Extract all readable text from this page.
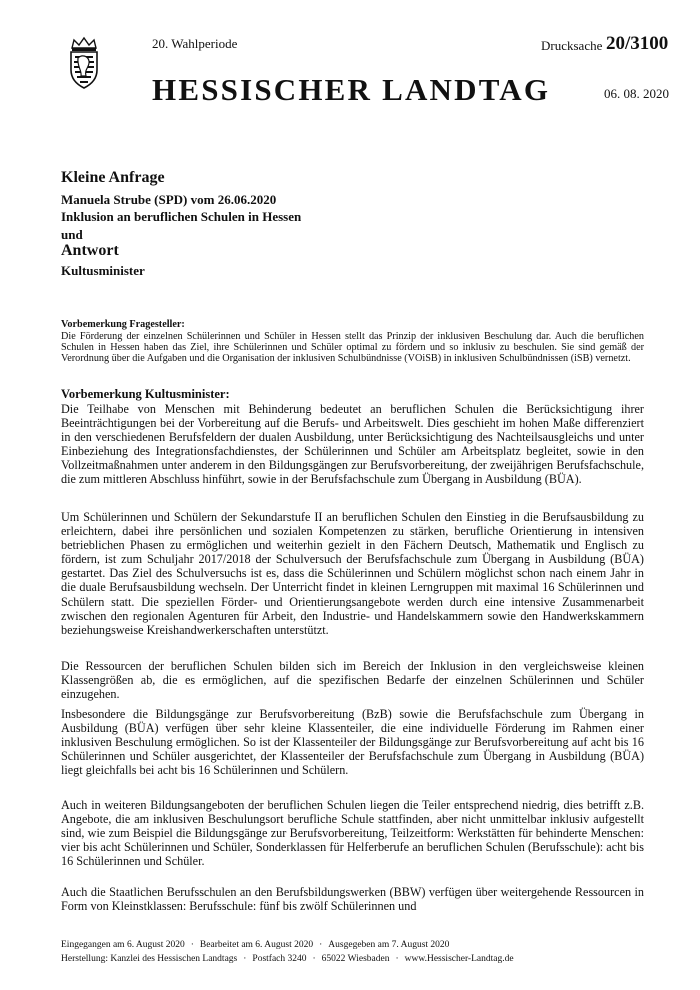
20. Wahlperiode	Drucksache 20/3100
HESSISCHER LANDTAG	06. 08. 2020
Kleine Anfrage
Manuela Strube (SPD) vom 26.06.2020
Inklusion an beruflichen Schulen in Hessen
und
Antwort
Kultusminister
Vorbemerkung Fragesteller:

Die Förderung der einzelnen Schülerinnen und Schüler in Hessen stellt das Prinzip der inklusiven Beschulung dar. Auch die beruflichen Schulen in Hessen haben das Ziel, ihre Schülerinnen und Schüler optimal zu fördern und so inklusiv zu beschulen. Sie sind gemäß der Verordnung über die Aufgaben und die Organisation der inklusiven Schulbündnisse (VOiSB) in inklusiven Schulbündnissen (iSB) vernetzt.

Vorbemerkung Kultusminister:

Die Teilhabe von Menschen mit Behinderung bedeutet an beruflichen Schulen die Berücksichtigung ihrer Beeinträchtigungen bei der Vorbereitung auf die Berufs- und Arbeitswelt. Dies geschieht im hohen Maße differenziert in den verschiedenen Berufsfeldern der dualen Ausbildung, unter Berücksichtigung des Nachteilsausgleichs und unter Einbeziehung des Integrationsfachdienstes, der Schülerinnen und Schüler am Arbeitsplatz begleitet, sowie in den Vollzeitmaßnahmen unter anderem in den Bildungsgängen zur Berufsvorbereitung, der zweijährigen Berufsfachschule, die zum mittleren Abschluss hinführt, sowie in der Berufsfachschule zum Übergang in Ausbildung (BÜA).

Um Schülerinnen und Schülern der Sekundarstufe II an beruflichen Schulen den Einstieg in die Berufsausbildung zu erleichtern, dabei ihre persönlichen und sozialen Kompetenzen zu stärken, berufliche Orientierung in intensiven betrieblichen Phasen zu ermöglichen und weiterhin gezielt in den Fächern Deutsch, Mathematik und Englisch zu fördern, ist zum Schuljahr 2017/2018 der Schulversuch der Berufsfachschule zum Übergang in Ausbildung (BÜA) gestartet. Das Ziel des Schulversuchs ist es, dass die Schülerinnen und Schülern möglichst schon nach einem Jahr in die duale Berufsausbildung wechseln. Der Unterricht findet in kleinen Lerngruppen mit maximal 16 Schülerinnen und Schülern statt. Die speziellen Förder- und Orientierungsangebote werden durch eine intensive Zusammenarbeit zwischen den regionalen Agenturen für Arbeit, den Industrie- und Handelskammern sowie den Handwerkskammern beziehungsweise Kreishandwerkerschaften unterstützt.

Die Ressourcen der beruflichen Schulen bilden sich im Bereich der Inklusion in den vergleichsweise kleinen Klassengrößen ab, die es ermöglichen, auf die spezifischen Bedarfe der einzelnen Schülerinnen und Schüler einzugehen.

Insbesondere die Bildungsgänge zur Berufsvorbereitung (BzB) sowie die Berufsfachschule zum Übergang in Ausbildung (BÜA) verfügen über sehr kleine Klassenteiler, die eine individuelle Förderung im Rahmen einer inklusiven Beschulung ermöglichen. So ist der Klassenteiler der Bildungsgänge zur Berufsvorbereitung auf acht bis 16 Schülerinnen und Schüler ausgerichtet, der Klassenteiler der Berufsfachschule zum Übergang in Ausbildung (BÜA) liegt gleichfalls bei acht bis 16 Schülerinnen und Schülern.

Auch in weiteren Bildungsangeboten der beruflichen Schulen liegen die Teiler entsprechend niedrig, dies betrifft z.B. Angebote, die am inklusiven Beschulungsort berufliche Schule stattfinden, aber nicht unmittelbar inklusiv aufgestellt sind, wie zum Beispiel die Bildungsgänge zur Berufsvorbereitung, Teilzeitform: Werkstätten für behinderte Menschen: vier bis acht Schülerinnen und Schüler, Sonderklassen für Helferberufe an beruflichen Schulen (Berufsschule): acht bis 16 Schülerinnen und Schüler.

Auch die Staatlichen Berufsschulen an den Berufsbildungswerken (BBW) verfügen über weitergehende Ressourcen in Form von Kleinstklassen: Berufsschule: fünf bis zwölf Schülerinnen und

Eingegangen am 6. August 2020 · Bearbeitet am 6. August 2020 · Ausgegeben am 7. August 2020
Herstellung: Kanzlei des Hessischen Landtags · Postfach 3240 · 65022 Wiesbaden · www.Hessischer-Landtag.de
